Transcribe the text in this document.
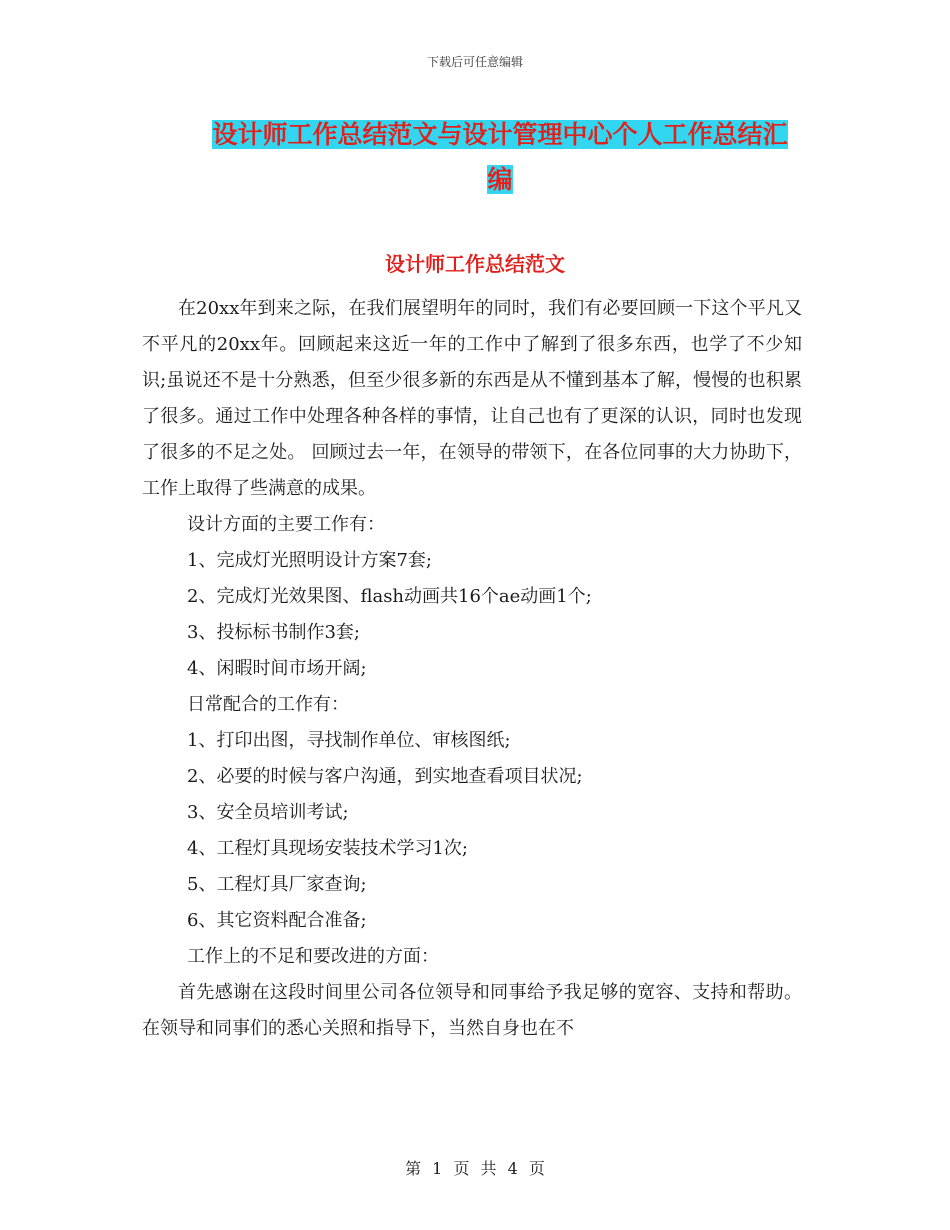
下载后可任意编辑
设计师工作总结范文与设计管理中心个人工作总结汇
编
设计师工作总结范文

在20xx年到来之际，在我们展望明年的同时，我们有必要回顾一下这个平凡又不平凡的20xx年。回顾起来这近一年的工作中了解到了很多东西，也学了不少知识;虽说还不是十分熟悉，但至少很多新的东西是从不懂到基本了解，慢慢的也积累了很多。通过工作中处理各种各样的事情，让自己也有了更深的认识，同时也发现了很多的不足之处。 回顾过去一年，在领导的带领下，在各位同事的大力协助下，工作上取得了些满意的成果。

设计方面的主要工作有：

1、完成灯光照明设计方案7套;

2、完成灯光效果图、flash动画共16个ae动画1个;

3、投标标书制作3套;

4、闲暇时间市场开阔;

日常配合的工作有：

1、打印出图，寻找制作单位、审核图纸;

2、必要的时候与客户沟通，到实地查看项目状况;

3、安全员培训考试;

4、工程灯具现场安装技术学习1次;

5、工程灯具厂家查询;

6、其它资料配合准备;

工作上的不足和要改进的方面：

首先感谢在这段时间里公司各位领导和同事给予我足够的宽容、支持和帮助。在领导和同事们的悉心关照和指导下，当然自身也在不

第 1 页 共 4 页
